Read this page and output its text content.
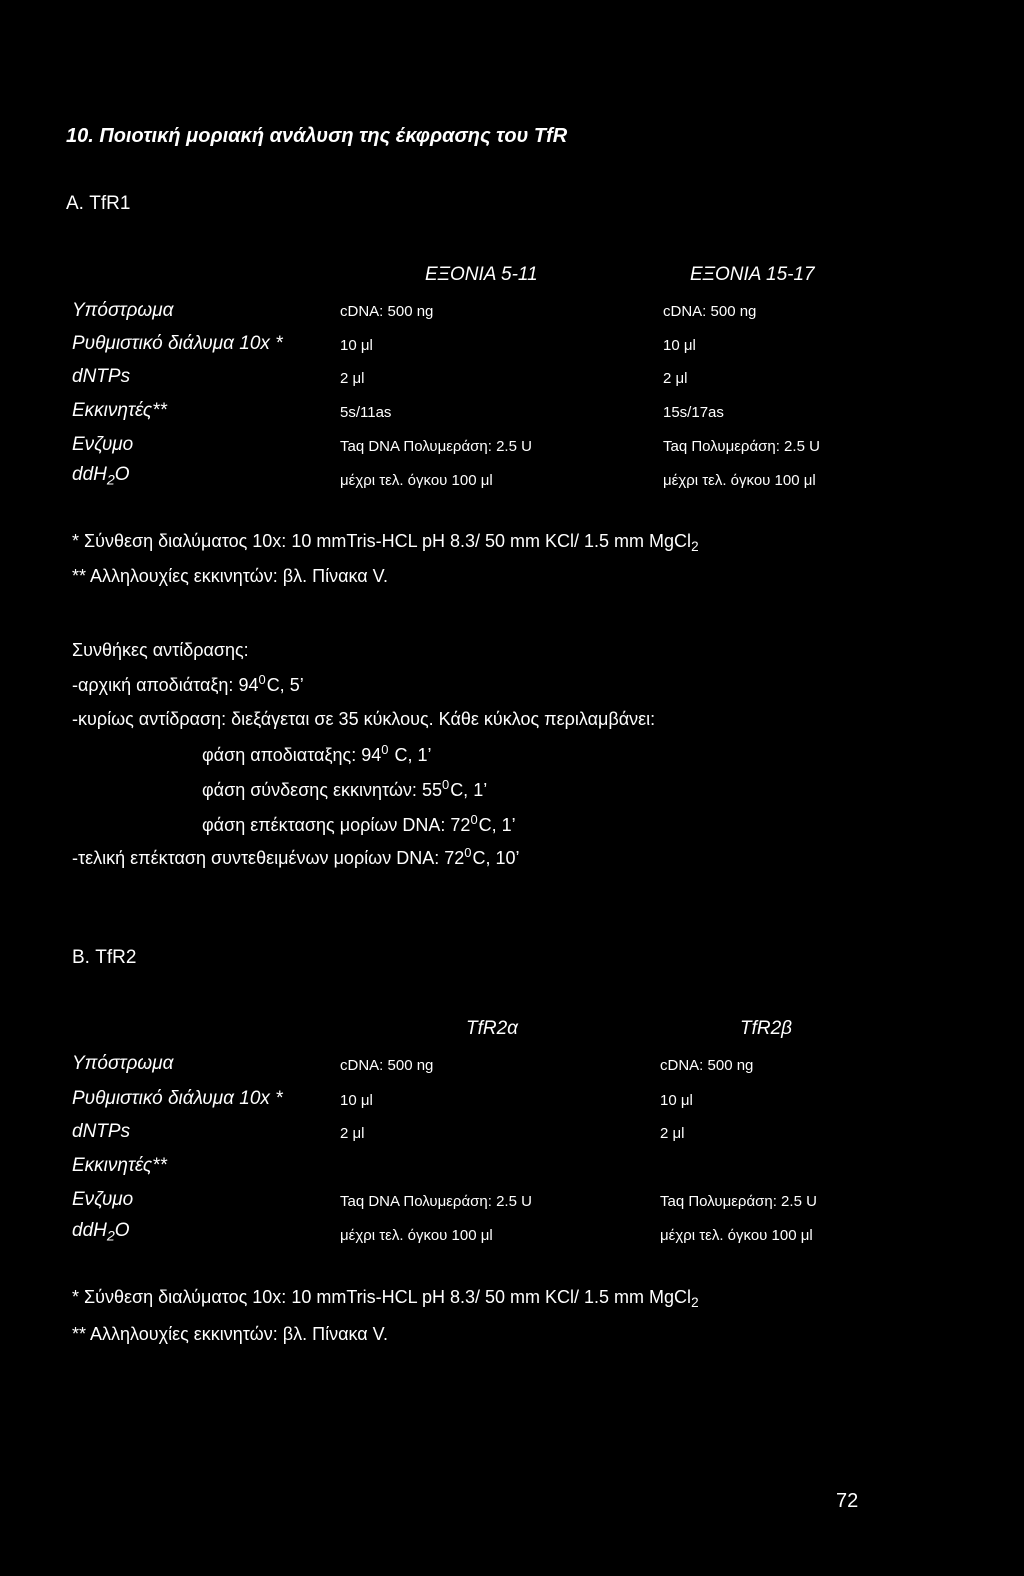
10. Ποιοτική μοριακή ανάλυση της έκφρασης του TfR
Α. TfR1
ΕΞΟΝΙΑ 5-11	ΕΞΟΝΙΑ 15-17
Υπόστρωμα	cDNA: 500 ng	cDNA: 500 ng
Ρυθμιστικό διάλυμα 10x *	10 μl	10 μl
dNTPs	2 μl	2 μl
Εκκινητές**	5s/11as	15s/17as
Ενζυμο	Taq DNA Πολυμεράση: 2.5 U	Taq Πολυμεράση: 2.5 U
ddH$_2$O	μέχρι τελ. όγκου 100 μl	μέχρι τελ. όγκου 100 μl
* Σύνθεση διαλύματος 10x: 10 mmTris-HCL pH 8.3/ 50 mm KCl/ 1.5 mm MgCl$_2$
** Αλληλουχίες εκκινητών: βλ. Πίνακα V.
Συνθήκες αντίδρασης:
-αρχική αποδιάταξη: $94^0C$, 5’
-κυρίως αντίδραση: διεξάγεται σε 35 κύκλους. Κάθε κύκλος περιλαμβάνει:
φάση αποδιαταξης: $94^0$ C, 1’
φάση σύνδεσης εκκινητών: $55^0C$, 1’
φάση επέκτασης μορίων DNA: $72^0C$, 1’
-τελική επέκταση συντεθειμένων μορίων DNA: $72^0C$, 10’
Β. TfR2
TfR2α	TfR2β
Υπόστρωμα	cDNA: 500 ng	cDNA: 500 ng
Ρυθμιστικό διάλυμα 10x *	10 μl	10 μl
dNTPs	2 μl	2 μl
Εκκινητές**
Ενζυμο	Taq DNA Πολυμεράση: 2.5 U	Taq Πολυμεράση: 2.5 U
ddH$_2$O	μέχρι τελ. όγκου 100 μl	μέχρι τελ. όγκου 100 μl
* Σύνθεση διαλύματος 10x: 10 mmTris-HCL pH 8.3/ 50 mm KCl/ 1.5 mm MgCl$_2$
** Αλληλουχίες εκκινητών: βλ. Πίνακα V.
72
